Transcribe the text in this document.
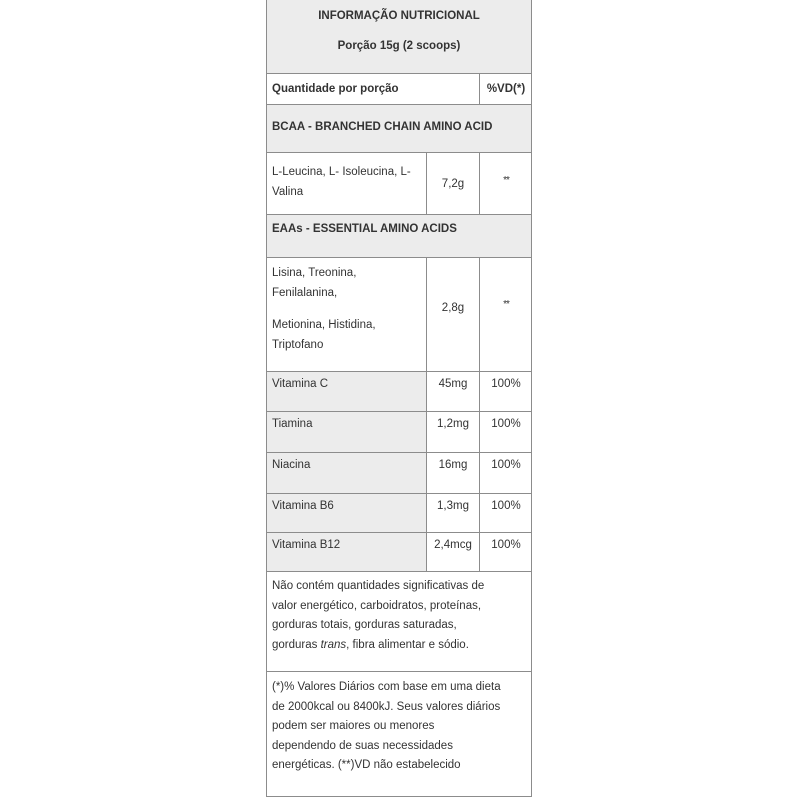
INFORMAÇÃO NUTRICIONAL
Porção 15g (2 scoops)
Quantidade por porção	%VD(*)
BCAA - BRANCHED CHAIN AMINO ACID
L-Leucina, L- Isoleucina, L-
Valina
7,2g	**
EAAs - ESSENTIAL AMINO ACIDS
Lisina, Treonina,
Fenilalanina,
Metionina, Histidina,
Triptofano
2,8g	**
Vitamina C	45mg	100%
Tiamina	1,2mg	100%
Niacina	16mg	100%
Vitamina B6	1,3mg	100%
Vitamina B12	2,4mcg	100%
Não contém quantidades significativas de
valor energético, carboidratos, proteínas,
gorduras totais, gorduras saturadas,
gorduras trans, fibra alimentar e sódio.
(*)% Valores Diários com base em uma dieta
de 2000kcal ou 8400kJ. Seus valores diários
podem ser maiores ou menores
dependendo de suas necessidades
energéticas. (**)VD não estabelecido
